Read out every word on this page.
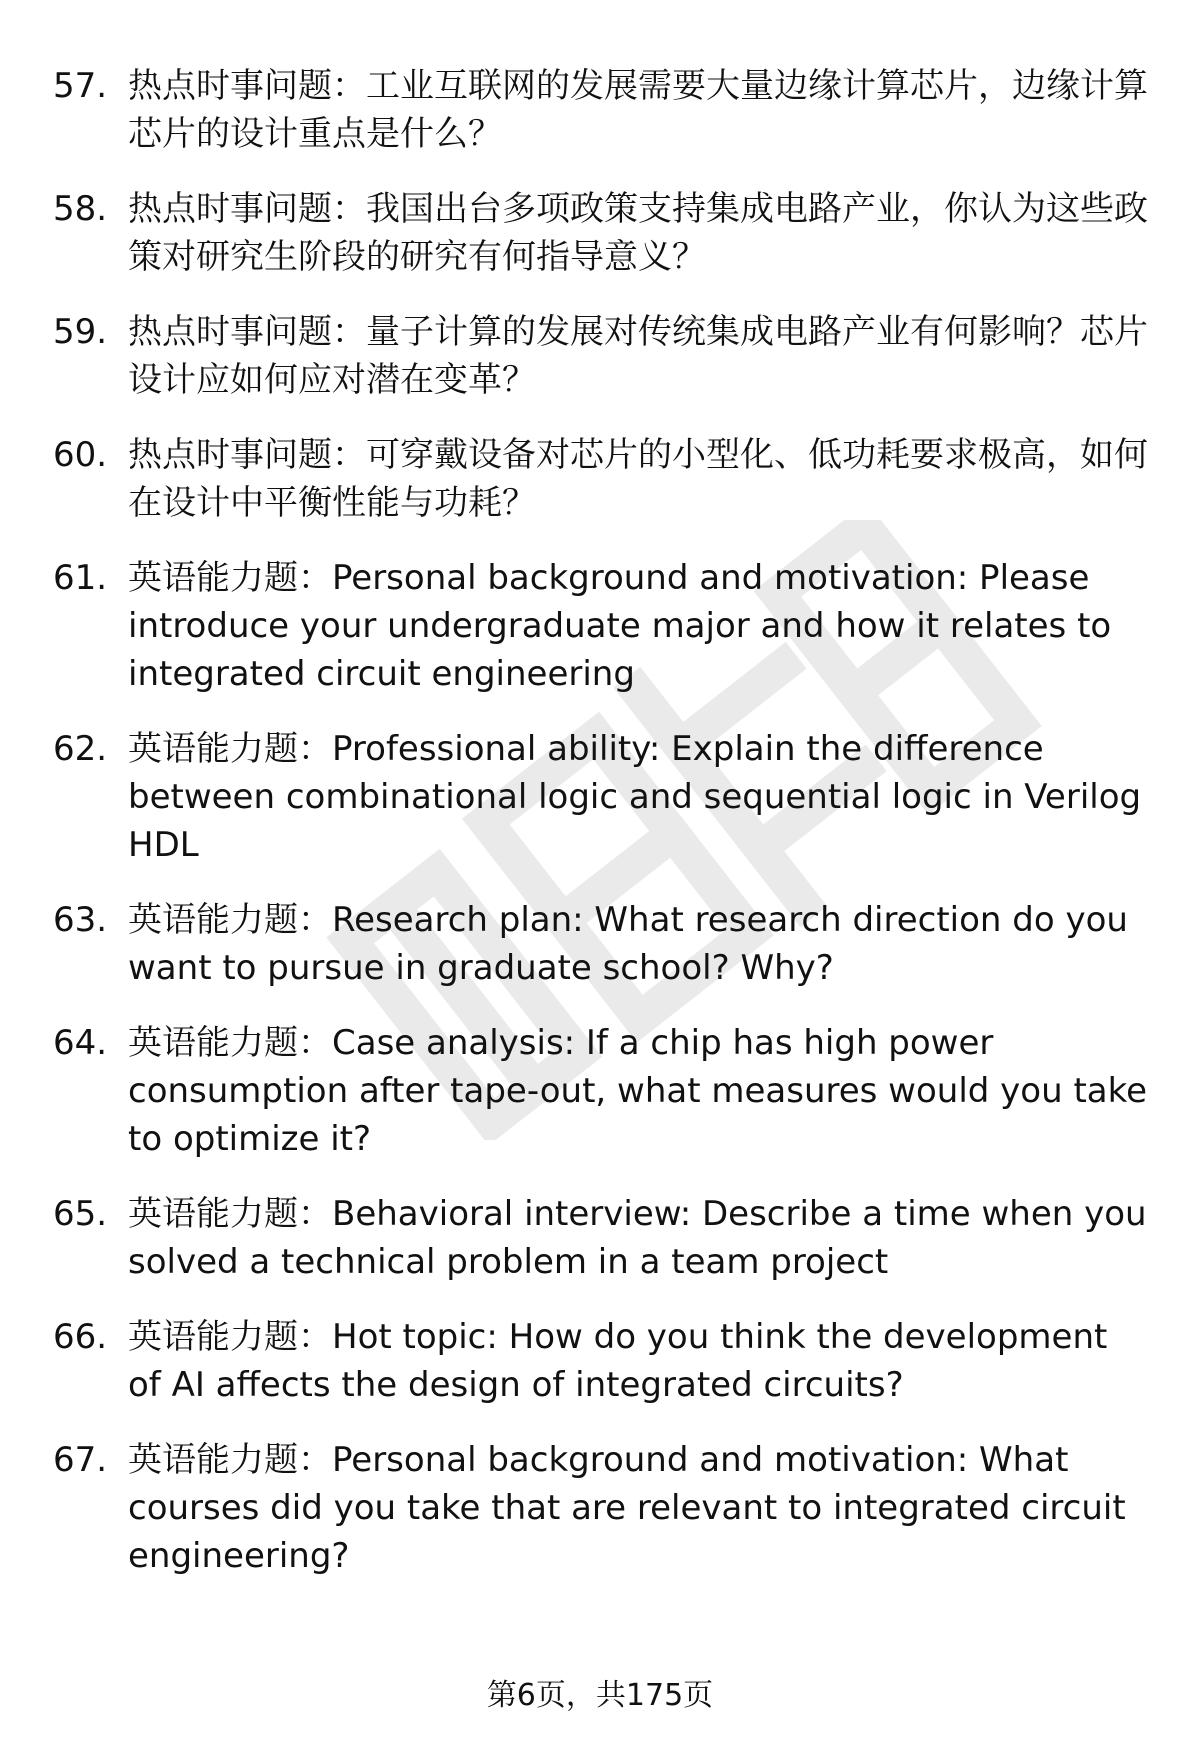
57. 热点时事问题：工业互联网的发展需要大量边缘计算芯片，边缘计算芯片的设计重点是什么？
58. 热点时事问题：我国出台多项政策支持集成电路产业，你认为这些政策对研究生阶段的研究有何指导意义？
59. 热点时事问题：量子计算的发展对传统集成电路产业有何影响？芯片设计应如何应对潜在变革？
60. 热点时事问题：可穿戴设备对芯片的小型化、低功耗要求极高，如何在设计中平衡性能与功耗？
61. 英语能力题：Personal background and motivation: Please introduce your undergraduate major and how it relates to integrated circuit engineering
62. 英语能力题：Professional ability: Explain the difference between combinational logic and sequential logic in Verilog HDL
63. 英语能力题：Research plan: What research direction do you want to pursue in graduate school? Why?
64. 英语能力题：Case analysis: If a chip has high power consumption after tape-out, what measures would you take to optimize it?
65. 英语能力题：Behavioral interview: Describe a time when you solved a technical problem in a team project
66. 英语能力题：Hot topic: How do you think the development of AI affects the design of integrated circuits?
67. 英语能力题：Personal background and motivation: What courses did you take that are relevant to integrated circuit engineering?
第6页，共175页
